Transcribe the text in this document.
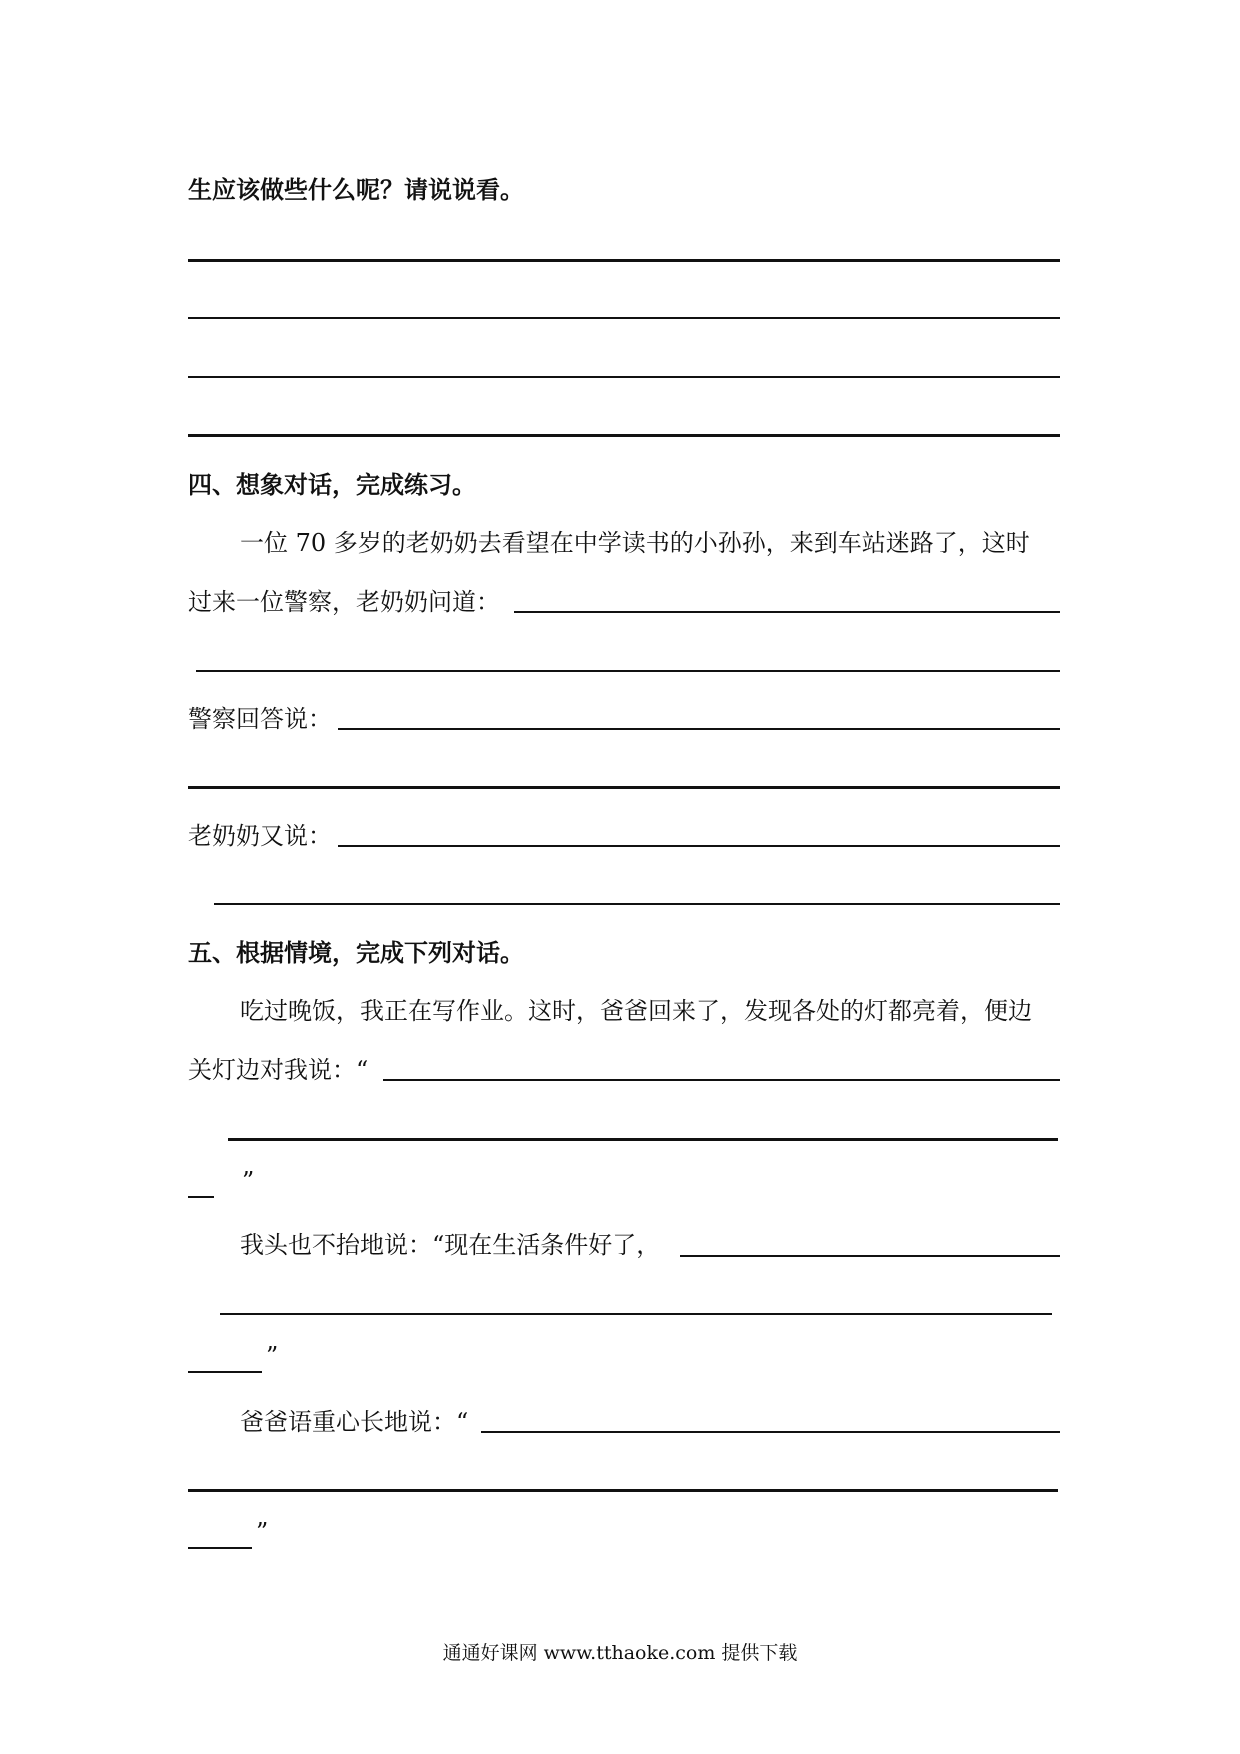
生应该做些什么呢？请说说看。
四、想象对话，完成练习。
一位 70 多岁的老奶奶去看望在中学读书的小孙孙，来到车站迷路了，这时
过来一位警察，老奶奶问道：
警察回答说：
老奶奶又说：
五、根据情境，完成下列对话。
吃过晚饭，我正在写作业。这时，爸爸回来了，发现各处的灯都亮着，便边
关灯边对我说：“
”
我头也不抬地说：“现在生活条件好了，
”
爸爸语重心长地说：“
”
通通好课网 www.tthaoke.com 提供下载
